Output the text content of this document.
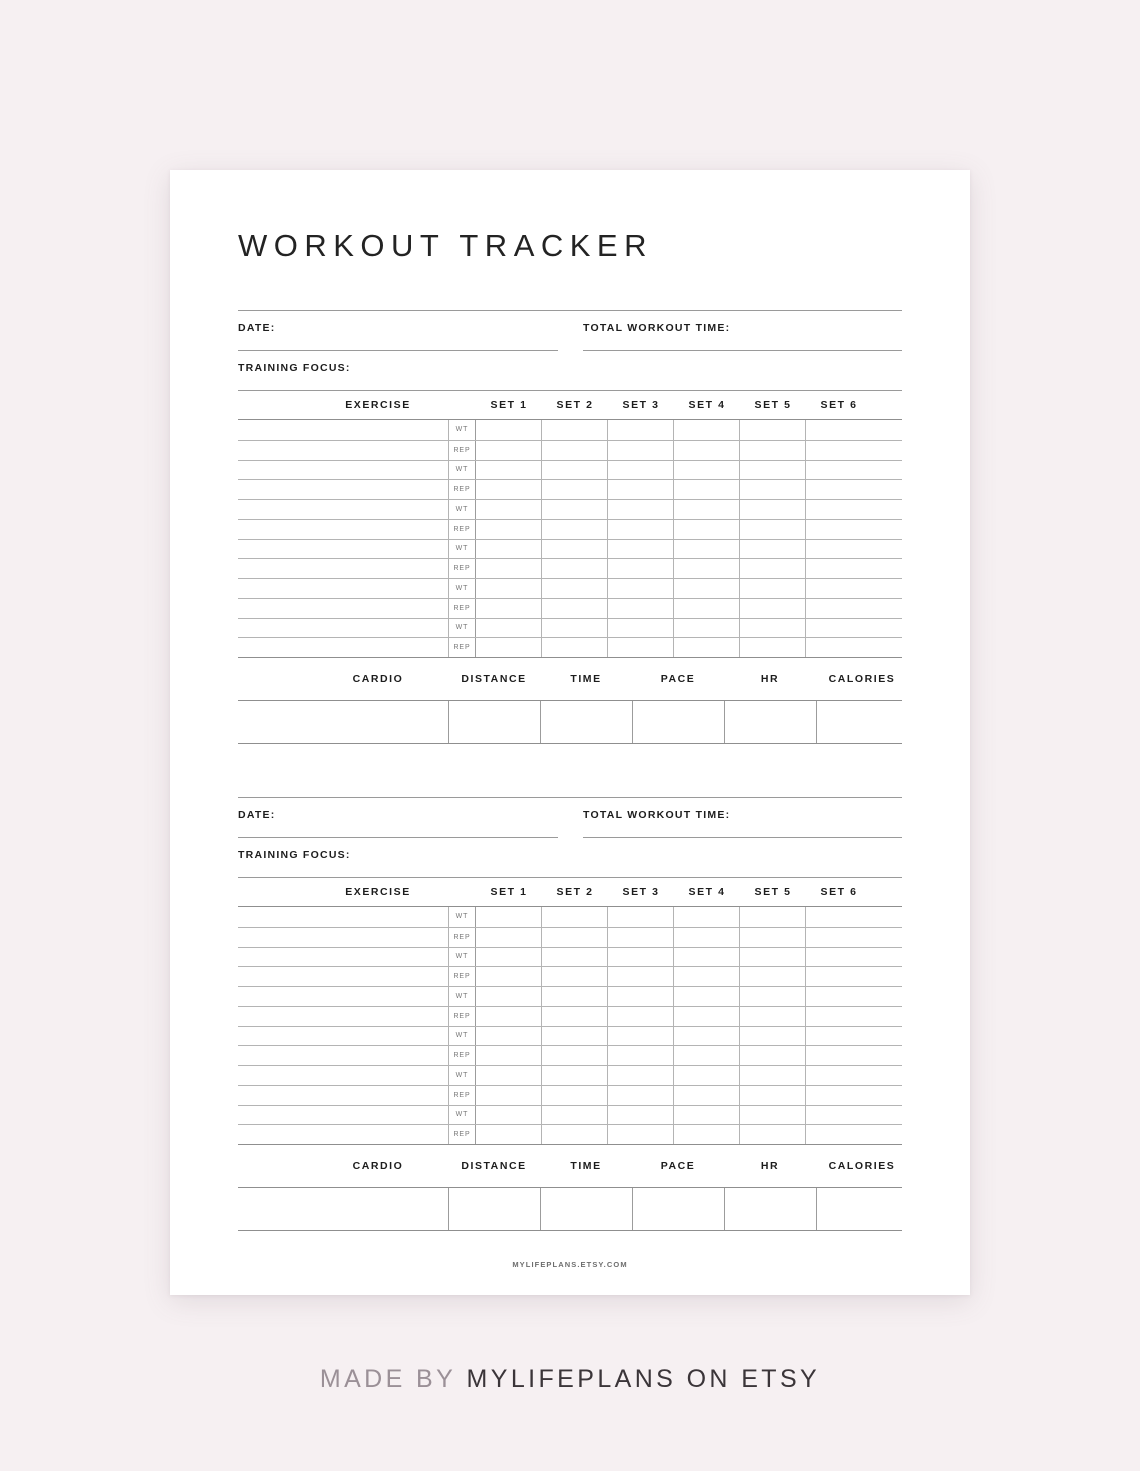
WORKOUT TRACKER
DATE:	TOTAL WORKOUT TIME:
TRAINING FOCUS:
EXERCISE	SET 1	SET 2	SET 3	SET 4	SET 5	SET 6
WT
REP
WT
REP
WT
REP
WT
REP
WT
REP
WT
REP
CARDIO	DISTANCE	TIME	PACE	HR	CALORIES
DATE:	TOTAL WORKOUT TIME:
TRAINING FOCUS:
EXERCISE	SET 1	SET 2	SET 3	SET 4	SET 5	SET 6
WT
REP
WT
REP
WT
REP
WT
REP
WT
REP
WT
REP
CARDIO	DISTANCE	TIME	PACE	HR	CALORIES
MYLIFEPLANS.ETSY.COM
MADE BY MYLIFEPLANS ON ETSY
